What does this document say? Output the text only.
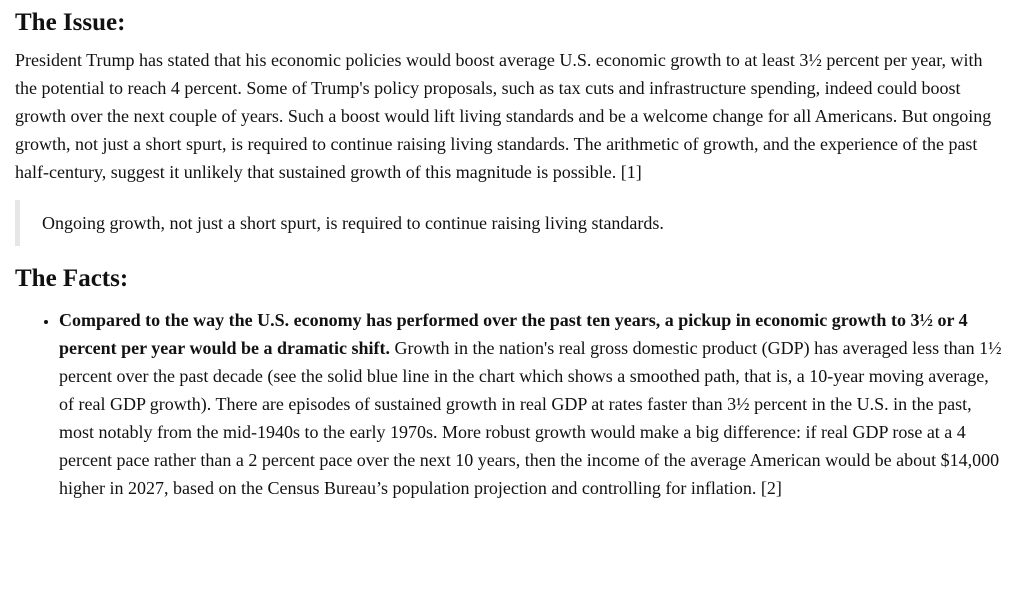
The Issue:

President Trump has stated that his economic policies would boost average U.S. economic growth to at least 3½ percent per year, with the potential to reach 4 percent. Some of Trump's policy proposals, such as tax cuts and infrastructure spending, indeed could boost growth over the next couple of years. Such a boost would lift living standards and be a welcome change for all Americans. But ongoing growth, not just a short spurt, is required to continue raising living standards. The arithmetic of growth, and the experience of the past half-century, suggest it unlikely that sustained growth of this magnitude is possible. [1]

Ongoing growth, not just a short spurt, is required to continue raising living standards.
The Facts:
• Compared to the way the U.S. economy has performed over the past ten years, a pickup in economic growth to 3½ or 4 percent per year would be a dramatic shift. Growth in the nation's real gross domestic product (GDP) has averaged less than 1½ percent over the past decade (see the solid blue line in the chart which shows a smoothed path, that is, a 10-year moving average, of real GDP growth). There are episodes of sustained growth in real GDP at rates faster than 3½ percent in the U.S. in the past, most notably from the mid-1940s to the early 1970s. More robust growth would make a big difference: if real GDP rose at a 4 percent pace rather than a 2 percent pace over the next 10 years, then the income of the average American would be about $14,000 higher in 2027, based on the Census Bureau’s population projection and controlling for inflation. [2]
